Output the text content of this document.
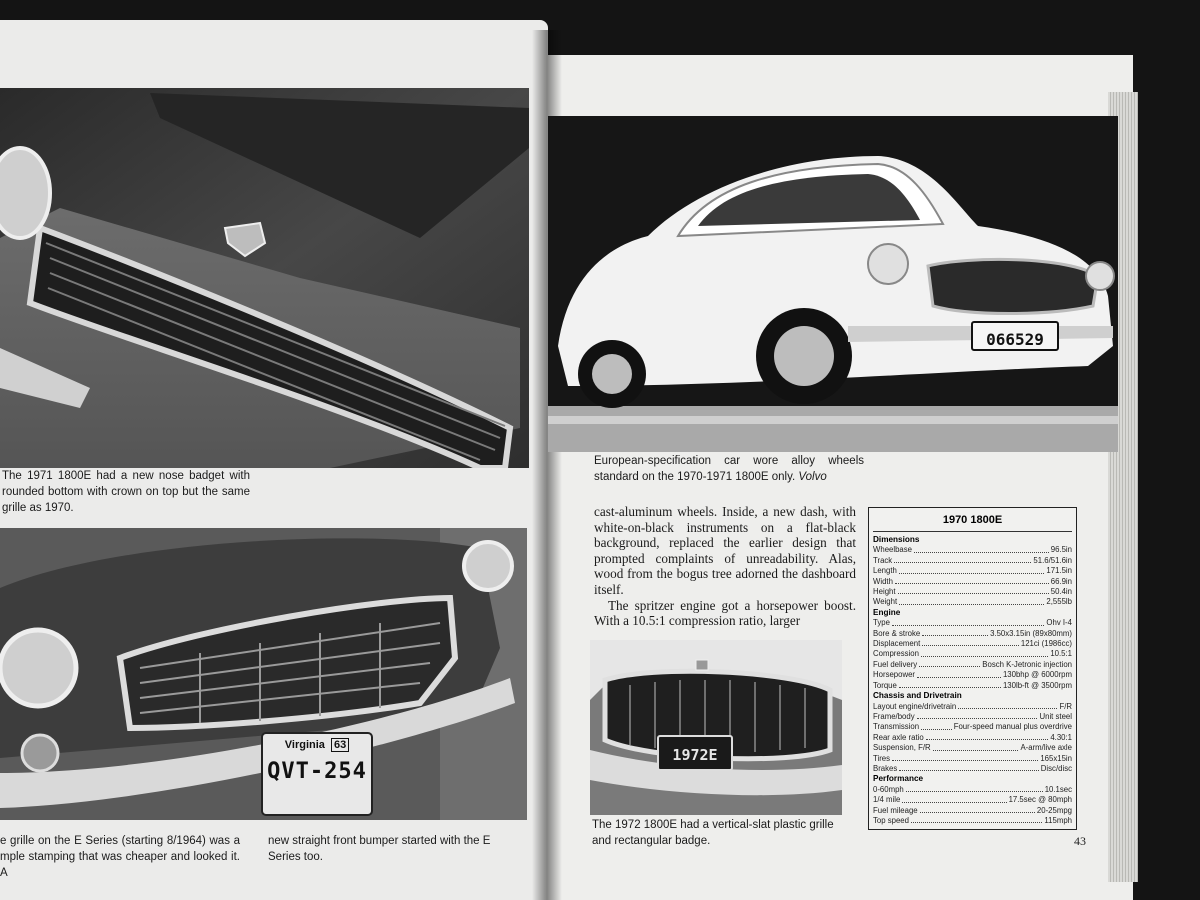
The 1971 1800E had a new nose badget with rounded bottom with crown on top but the same grille as 1970.
Virginia 63
QVT-254
e grille on the E Series (starting 8/1964) was a mple stamping that was cheaper and looked it. A
new straight front bumper started with the E Series too.
066529
European-specification car wore alloy wheels standard on the 1970-1971 1800E only. Volvo

cast-aluminum wheels. Inside, a new dash, with white-on-black instruments on a flat-black background, replaced the earlier design that prompted complaints of unreadability. Alas, wood from the bogus tree adorned the dashboard itself.

The spritzer engine got a horsepower boost. With a 10.5:1 compression ratio, larger

1972E
The 1972 1800E had a vertical-slat plastic grille and rectangular badge.
1970 1800E
Dimensions
Wheelbase	96.5in
Track	51.6/51.6in
Length	171.5in
Width	66.9in
Height	50.4in
Weight	2,555lb
Engine
Type	Ohv I-4
Bore & stroke	3.50x3.15in (89x80mm)
Displacement	121ci (1986cc)
Compression	10.5:1
Fuel delivery	Bosch K-Jetronic injection
Horsepower	130bhp @ 6000rpm
Torque	130lb-ft @ 3500rpm
Chassis and Drivetrain
Layout engine/drivetrain	F/R
Frame/body	Unit steel
Transmission	Four-speed manual plus overdrive
Rear axle ratio	4.30:1
Suspension, F/R	A-arm/live axle
Tires	165x15in
Brakes	Disc/disc
Performance
0-60mph	10.1sec
1/4 mile	17.5sec @ 80mph
Fuel mileage	20-25mpg
Top speed	115mph
43
